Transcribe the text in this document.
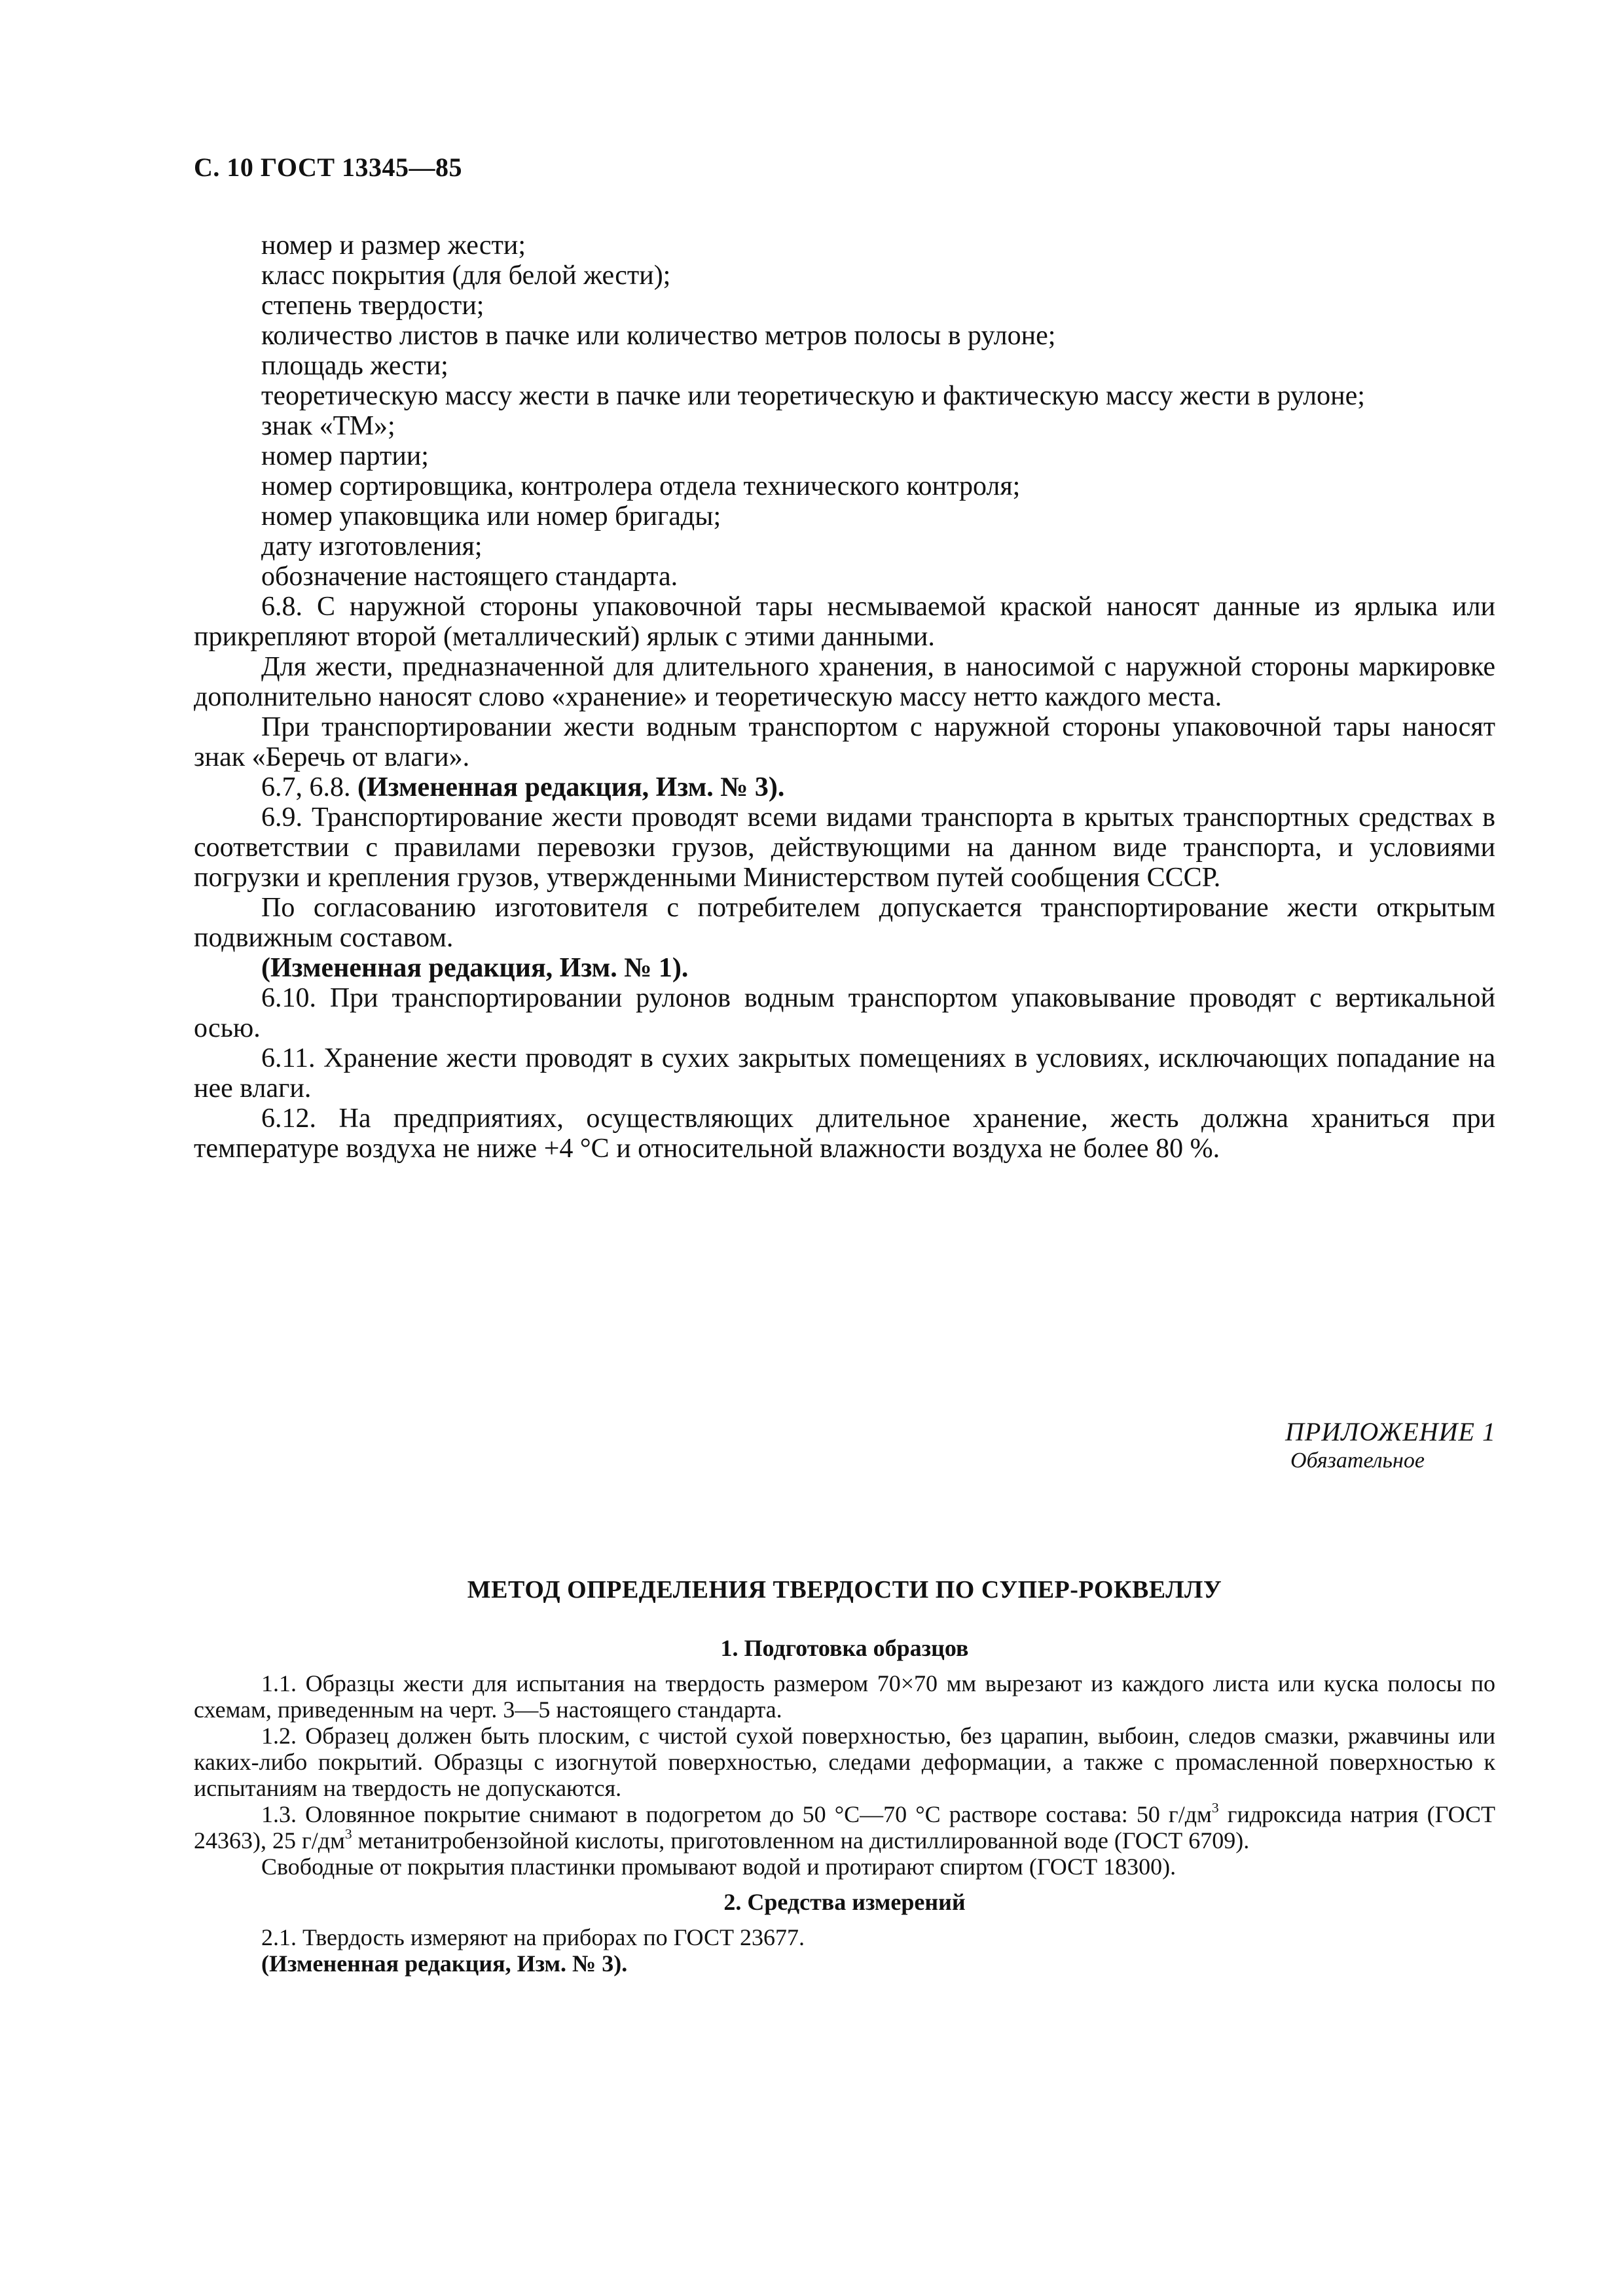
С. 10 ГОСТ 13345—85
номер и размер жести;
класс покрытия (для белой жести);
степень твердости;
количество листов в пачке или количество метров полосы в рулоне;
площадь жести;
теоретическую массу жести в пачке или теоретическую и фактическую массу жести в рулоне;
знак «ТМ»;
номер партии;
номер сортировщика, контролера отдела технического контроля;
номер упаковщика или номер бригады;
дату изготовления;
обозначение настоящего стандарта.
6.8. С наружной стороны упаковочной тары несмываемой краской наносят данные из ярлыка или прикрепляют второй (металлический) ярлык с этими данными.
Для жести, предназначенной для длительного хранения, в наносимой с наружной стороны маркировке дополнительно наносят слово «хранение» и теоретическую массу нетто каждого места.
При транспортировании жести водным транспортом с наружной стороны упаковочной тары наносят знак «Беречь от влаги».
6.7, 6.8. (Измененная редакция, Изм. № 3).
6.9. Транспортирование жести проводят всеми видами транспорта в крытых транспортных средствах в соответствии с правилами перевозки грузов, действующими на данном виде транспорта, и условиями погрузки и крепления грузов, утвержденными Министерством путей сообщения СССР.
По согласованию изготовителя с потребителем допускается транспортирование жести открытым подвижным составом.
(Измененная редакция, Изм. № 1).
6.10. При транспортировании рулонов водным транспортом упаковывание проводят с вертикальной осью.
6.11. Хранение жести проводят в сухих закрытых помещениях в условиях, исключающих попадание на нее влаги.
6.12. На предприятиях, осуществляющих длительное хранение, жесть должна храниться при температуре воздуха не ниже +4 °С и относительной влажности воздуха не более 80 %.
ПРИЛОЖЕНИЕ 1
Обязательное
МЕТОД ОПРЕДЕЛЕНИЯ ТВЕРДОСТИ ПО СУПЕР-РОКВЕЛЛУ
1. Подготовка образцов
1.1. Образцы жести для испытания на твердость размером 70×70 мм вырезают из каждого листа или куска полосы по схемам, приведенным на черт. 3—5 настоящего стандарта.
1.2. Образец должен быть плоским, с чистой сухой поверхностью, без царапин, выбоин, следов смазки, ржавчины или каких-либо покрытий. Образцы с изогнутой поверхностью, следами деформации, а также с промасленной поверхностью к испытаниям на твердость не допускаются.
1.3. Оловянное покрытие снимают в подогретом до 50 °С—70 °С растворе состава: 50 $г/дм^3$ гидроксида натрия (ГОСТ 24363), 25 $г/дм^3$ метанитробензойной кислоты, приготовленном на дистиллированной воде (ГОСТ 6709).
Свободные от покрытия пластинки промывают водой и протирают спиртом (ГОСТ 18300).
2. Средства измерений
2.1. Твердость измеряют на приборах по ГОСТ 23677.
(Измененная редакция, Изм. № 3).
